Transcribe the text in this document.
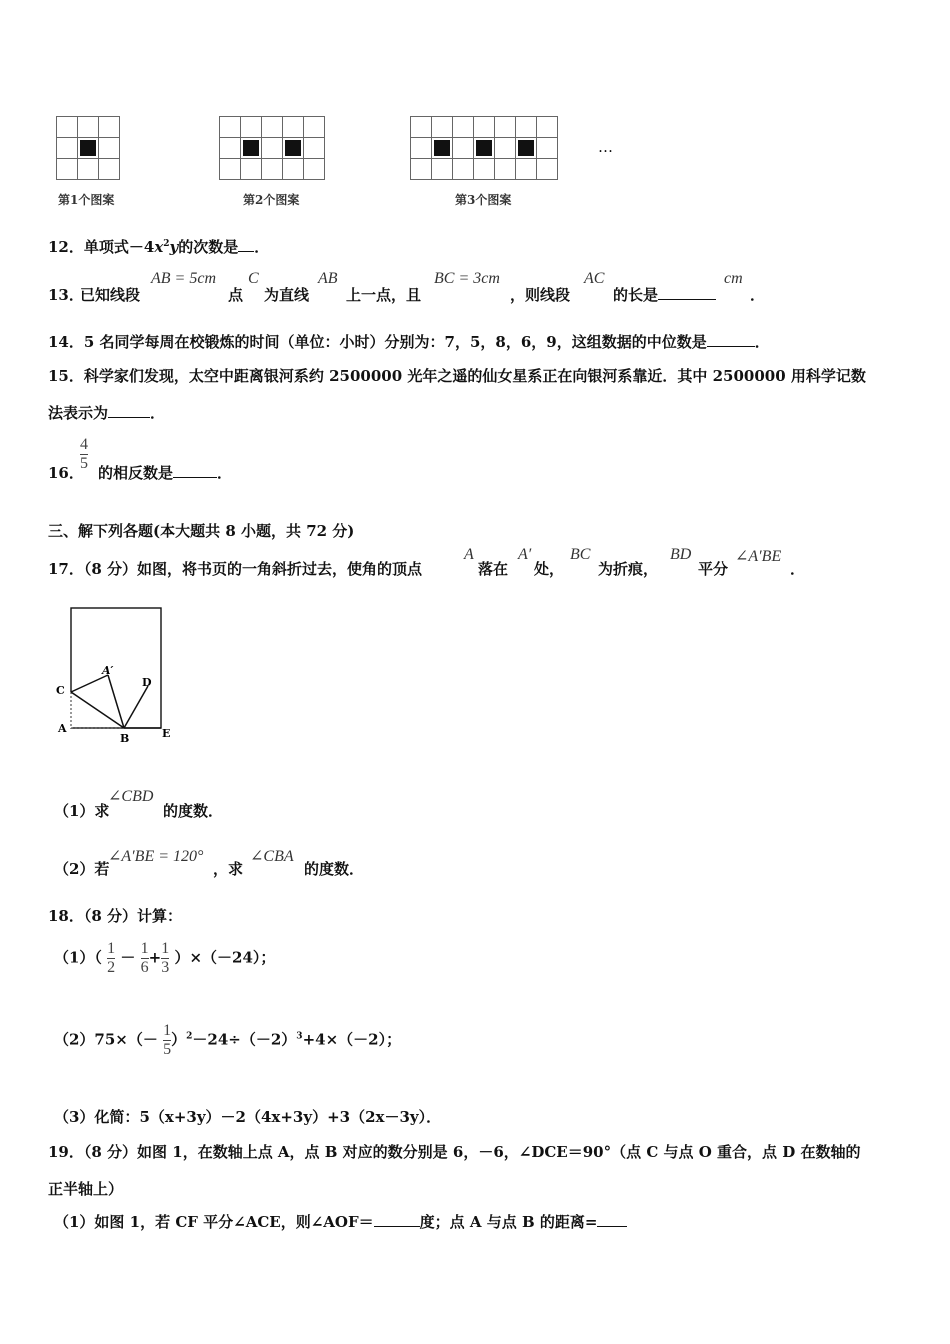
第1个图案

					第2个图案

							第3个图案
…
12．单项式$-4x^2y$的次数是 ．
13．
已知线段
AB = 5cm
点
C
为直线
AB
上一点，且
BC = 3cm
，则线段
AC
的长是
cm
．
14．5 名同学每周在校锻炼的时间（单位：小时）分别为：7，5，8，6，9，这组数据的中位数是	．
15．科学家们发现，太空中距离银河系约 2500000 光年之遥的仙女星系正在向银河系靠近．其中 2500000 用科学记数
法表示为	．
16．
$\frac{4}{5}$ 的相反数是	．
三、解下列各题(本大题共 8 小题，共 72 分)
17．（8 分）如图，将书页的一角斜折过去，使角的顶点
A
落在
A′
处，
BC
为折痕，
BD
平分
∠A′BE
．
C
A′
D
A
B	E
（1）求
∠CBD
的度数．
（2）若
∠A′BE = 120°
，求
∠CBA
的度数．
18．（8 分）计算：
$(1)( \frac{1}{2} - \frac{1}{6} + \frac{1}{3} )\times(-24)$；
$(2)75\times(- \frac{1}{5} )^2-24\div(-2)^3+4\times(-2)$；
（3）化简：5（x+3y）－2（4x+3y）+3（2x－3y）．
19．（8 分）如图 1，在数轴上点 A，点 B 对应的数分别是 6，－6，∠DCE＝90°（点 C 与点 O 重合，点 D 在数轴的
正半轴上）
（1）如图 1，若 CF 平分∠ACE，则∠AOF＝	度；点 A 与点 B 的距离=
